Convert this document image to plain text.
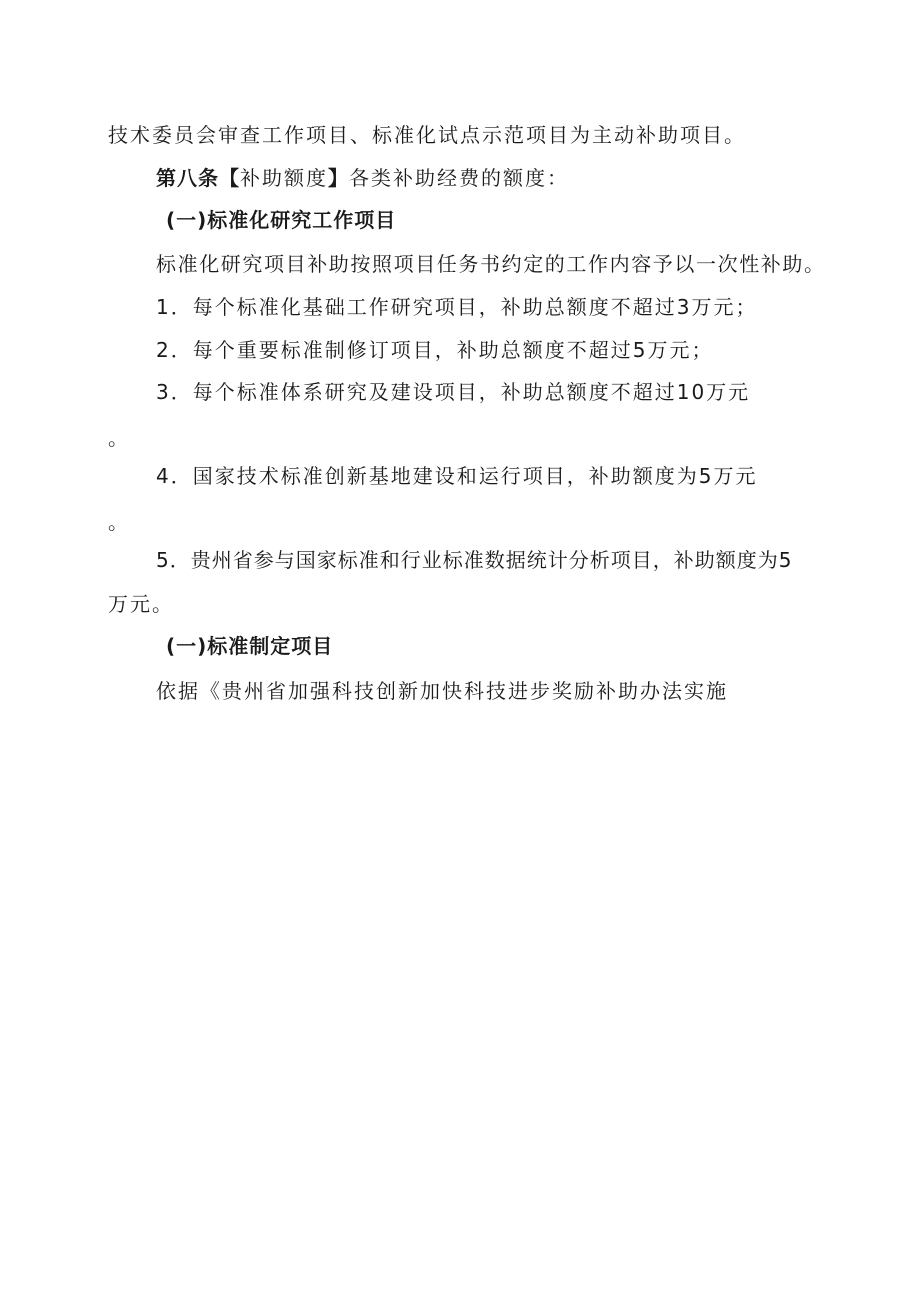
技术委员会审查工作项目、标准化试点示范项目为主动补助项目。
第八条【补助额度】各类补助经费的额度：
(一)标准化研究工作项目
标准化研究项目补助按照项目任务书约定的工作内容予以一次性补助。
1．每个标准化基础工作研究项目，补助总额度不超过3万元；
2．每个重要标准制修订项目，补助总额度不超过5万元；
3．每个标准体系研究及建设项目，补助总额度不超过10万元
。
4．国家技术标准创新基地建设和运行项目，补助额度为5万元
。
5．贵州省参与国家标准和行业标准数据统计分析项目，补助额度为5
万元。
(一)标准制定项目
依据《贵州省加强科技创新加快科技进步奖励补助办法实施
